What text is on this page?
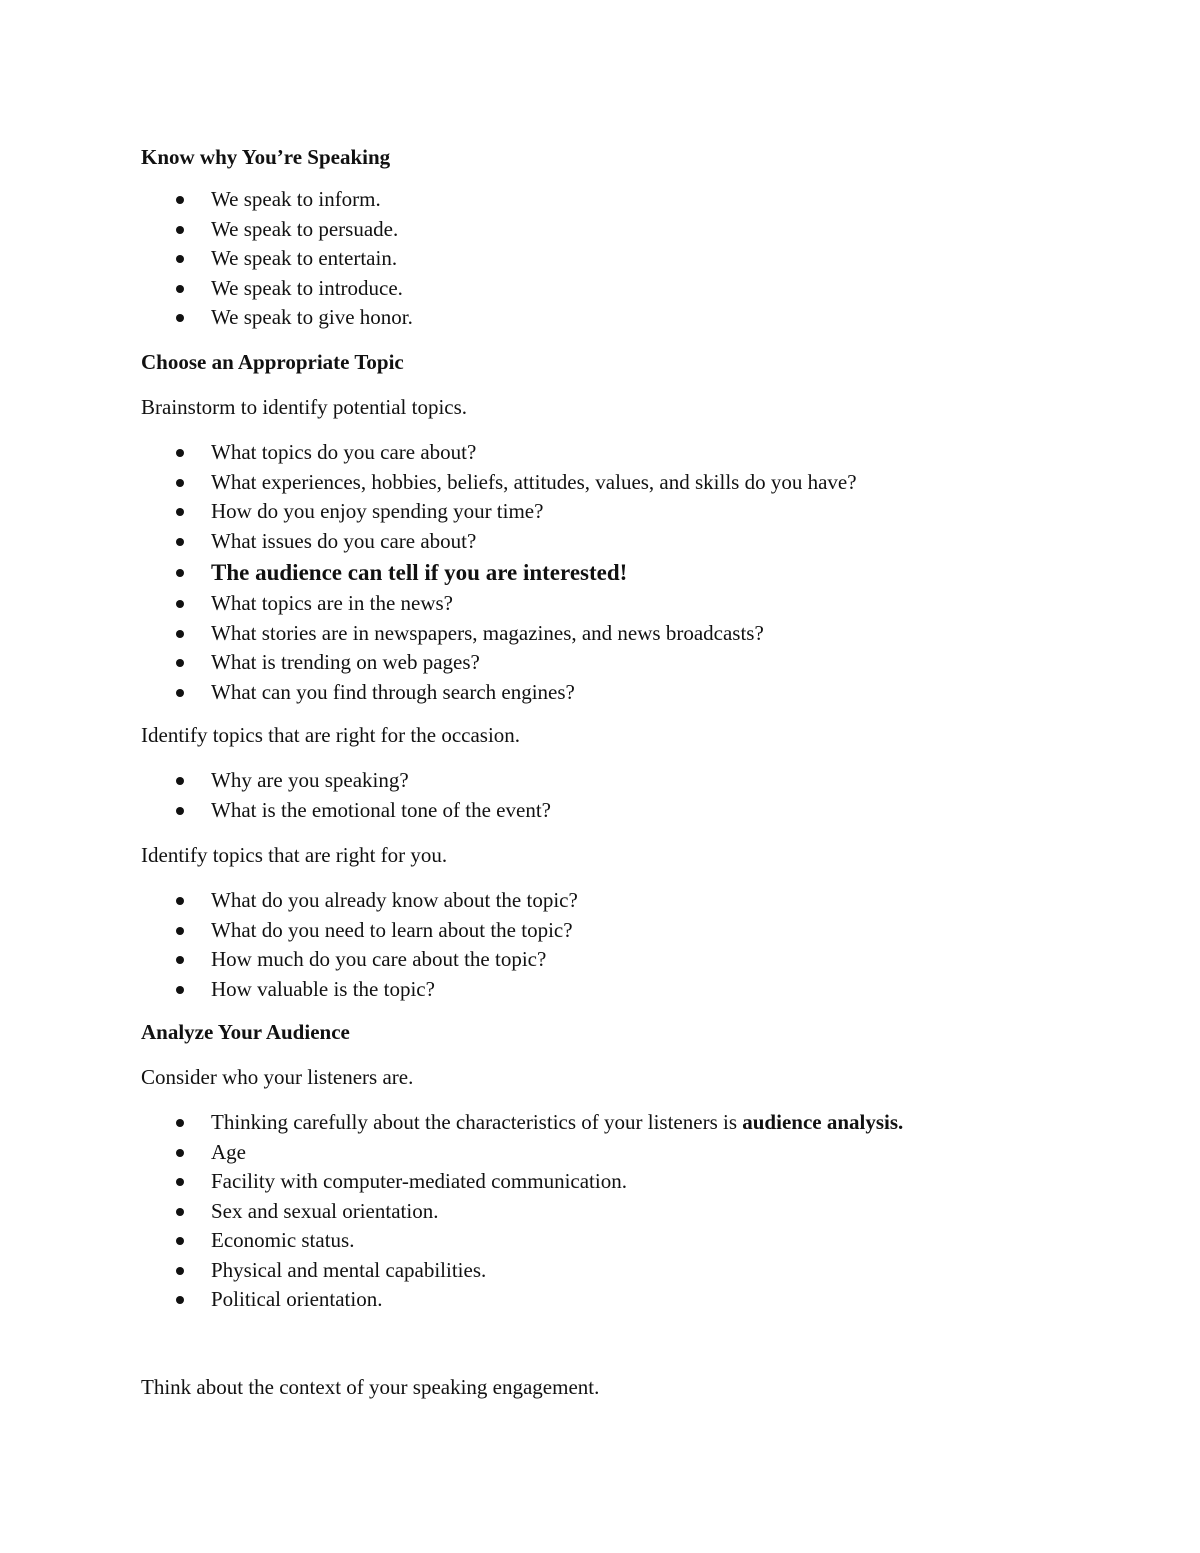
Know why You’re Speaking

We speak to inform.
We speak to persuade.
We speak to entertain.
We speak to introduce.
We speak to give honor.

Choose an Appropriate Topic

Brainstorm to identify potential topics.

What topics do you care about?
What experiences, hobbies, beliefs, attitudes, values, and skills do you have?
How do you enjoy spending your time?
What issues do you care about?
The audience can tell if you are interested!
What topics are in the news?
What stories are in newspapers, magazines, and news broadcasts?
What is trending on web pages?
What can you find through search engines?

Identify topics that are right for the occasion.

Why are you speaking?
What is the emotional tone of the event?

Identify topics that are right for you.

What do you already know about the topic?
What do you need to learn about the topic?
How much do you care about the topic?
How valuable is the topic?

Analyze Your Audience

Consider who your listeners are.

Thinking carefully about the characteristics of your listeners is audience analysis.
Age
Facility with computer-mediated communication.
Sex and sexual orientation.
Economic status.
Physical and mental capabilities.
Political orientation.

Think about the context of your speaking engagement.
